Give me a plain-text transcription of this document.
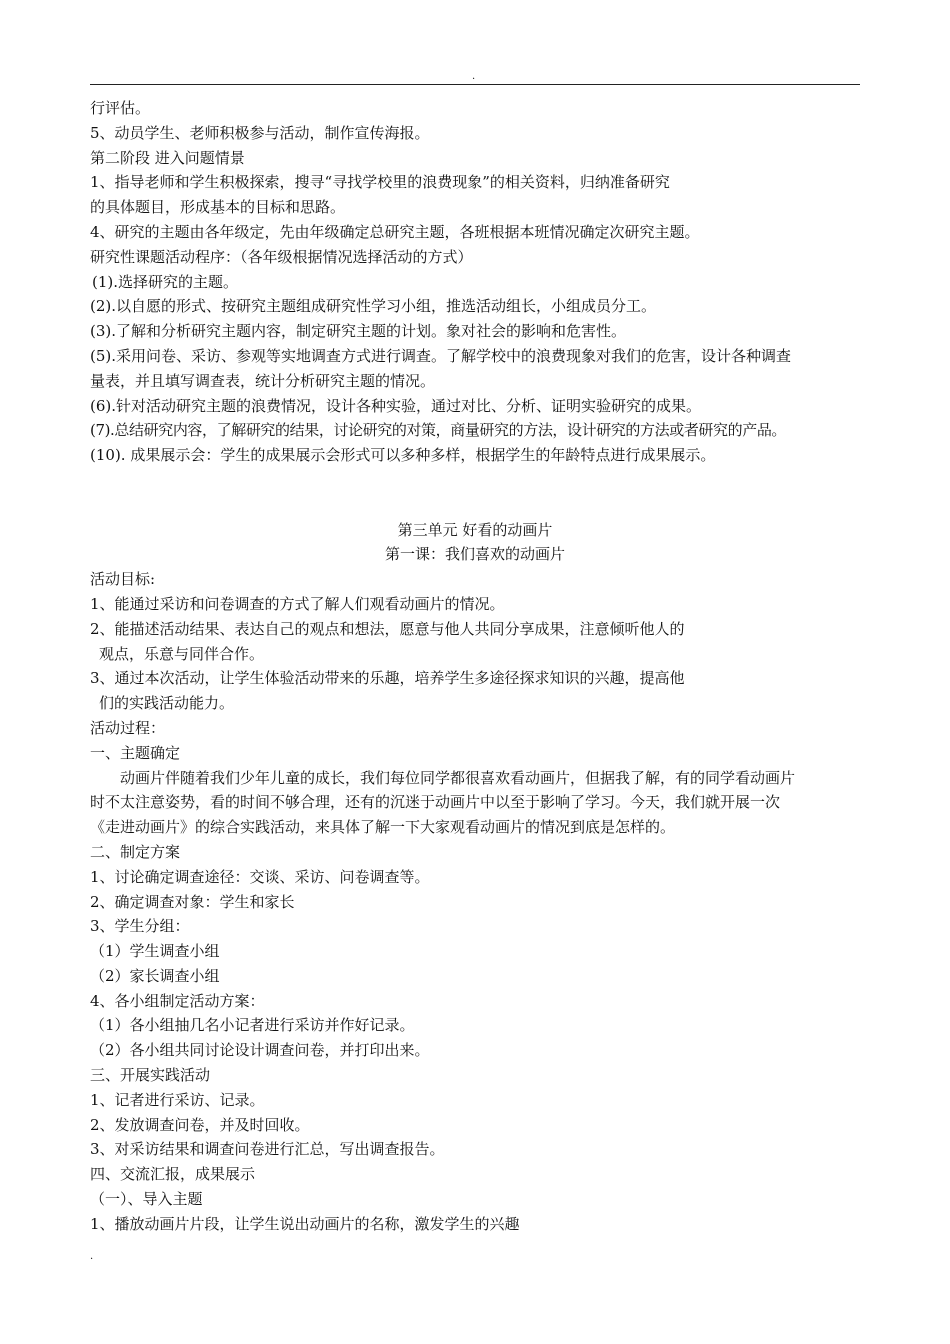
.
行评估。
5、动员学生、老师积极参与活动，制作宣传海报。
第二阶段 进入问题情景
1、指导老师和学生积极探索，搜寻“寻找学校里的浪费现象”的相关资料，归纳准备研究
的具体题目，形成基本的目标和思路。
4、研究的主题由各年级定，先由年级确定总研究主题，各班根据本班情况确定次研究主题。
研究性课题活动程序：（各年级根据情况选择活动的方式）
(1).选择研究的主题。
(2).以自愿的形式、按研究主题组成研究性学习小组，推选活动组长，小组成员分工。
(3).了解和分析研究主题内容，制定研究主题的计划。象对社会的影响和危害性。
(5).采用问卷、采访、参观等实地调查方式进行调查。了解学校中的浪费现象对我们的危害，设计各种调查
量表，并且填写调查表，统计分析研究主题的情况。
(6).针对活动研究主题的浪费情况，设计各种实验，通过对比、分析、证明实验研究的成果。
(7).总结研究内容，了解研究的结果，讨论研究的对策，商量研究的方法，设计研究的方法或者研究的产品。
(10). 成果展示会：学生的成果展示会形式可以多种多样，根据学生的年龄特点进行成果展示。
第三单元 好看的动画片
第一课：我们喜欢的动画片
活动目标:
1、能通过采访和问卷调查的方式了解人们观看动画片的情况。
2、能描述活动结果、表达自己的观点和想法，愿意与他人共同分享成果，注意倾听他人的
观点，乐意与同伴合作。
3、通过本次活动，让学生体验活动带来的乐趣，培养学生多途径探求知识的兴趣，提高他
们的实践活动能力。
活动过程：
一、主题确定
动画片伴随着我们少年儿童的成长，我们每位同学都很喜欢看动画片，但据我了解，有的同学看动画片
时不太注意姿势，看的时间不够合理，还有的沉迷于动画片中以至于影响了学习。今天，我们就开展一次
《走进动画片》的综合实践活动，来具体了解一下大家观看动画片的情况到底是怎样的。
二、制定方案
1、讨论确定调查途径：交谈、采访、问卷调查等。
2、确定调查对象：学生和家长
3、学生分组：
（1）学生调查小组
（2）家长调查小组
4、各小组制定活动方案：
（1）各小组抽几名小记者进行采访并作好记录。
（2）各小组共同讨论设计调查问卷，并打印出来。
三、开展实践活动
1、记者进行采访、记录。
2、发放调查问卷，并及时回收。
3、对采访结果和调查问卷进行汇总，写出调查报告。
四、交流汇报，成果展示
（一）、导入主题
1、播放动画片片段，让学生说出动画片的名称，激发学生的兴趣
.
